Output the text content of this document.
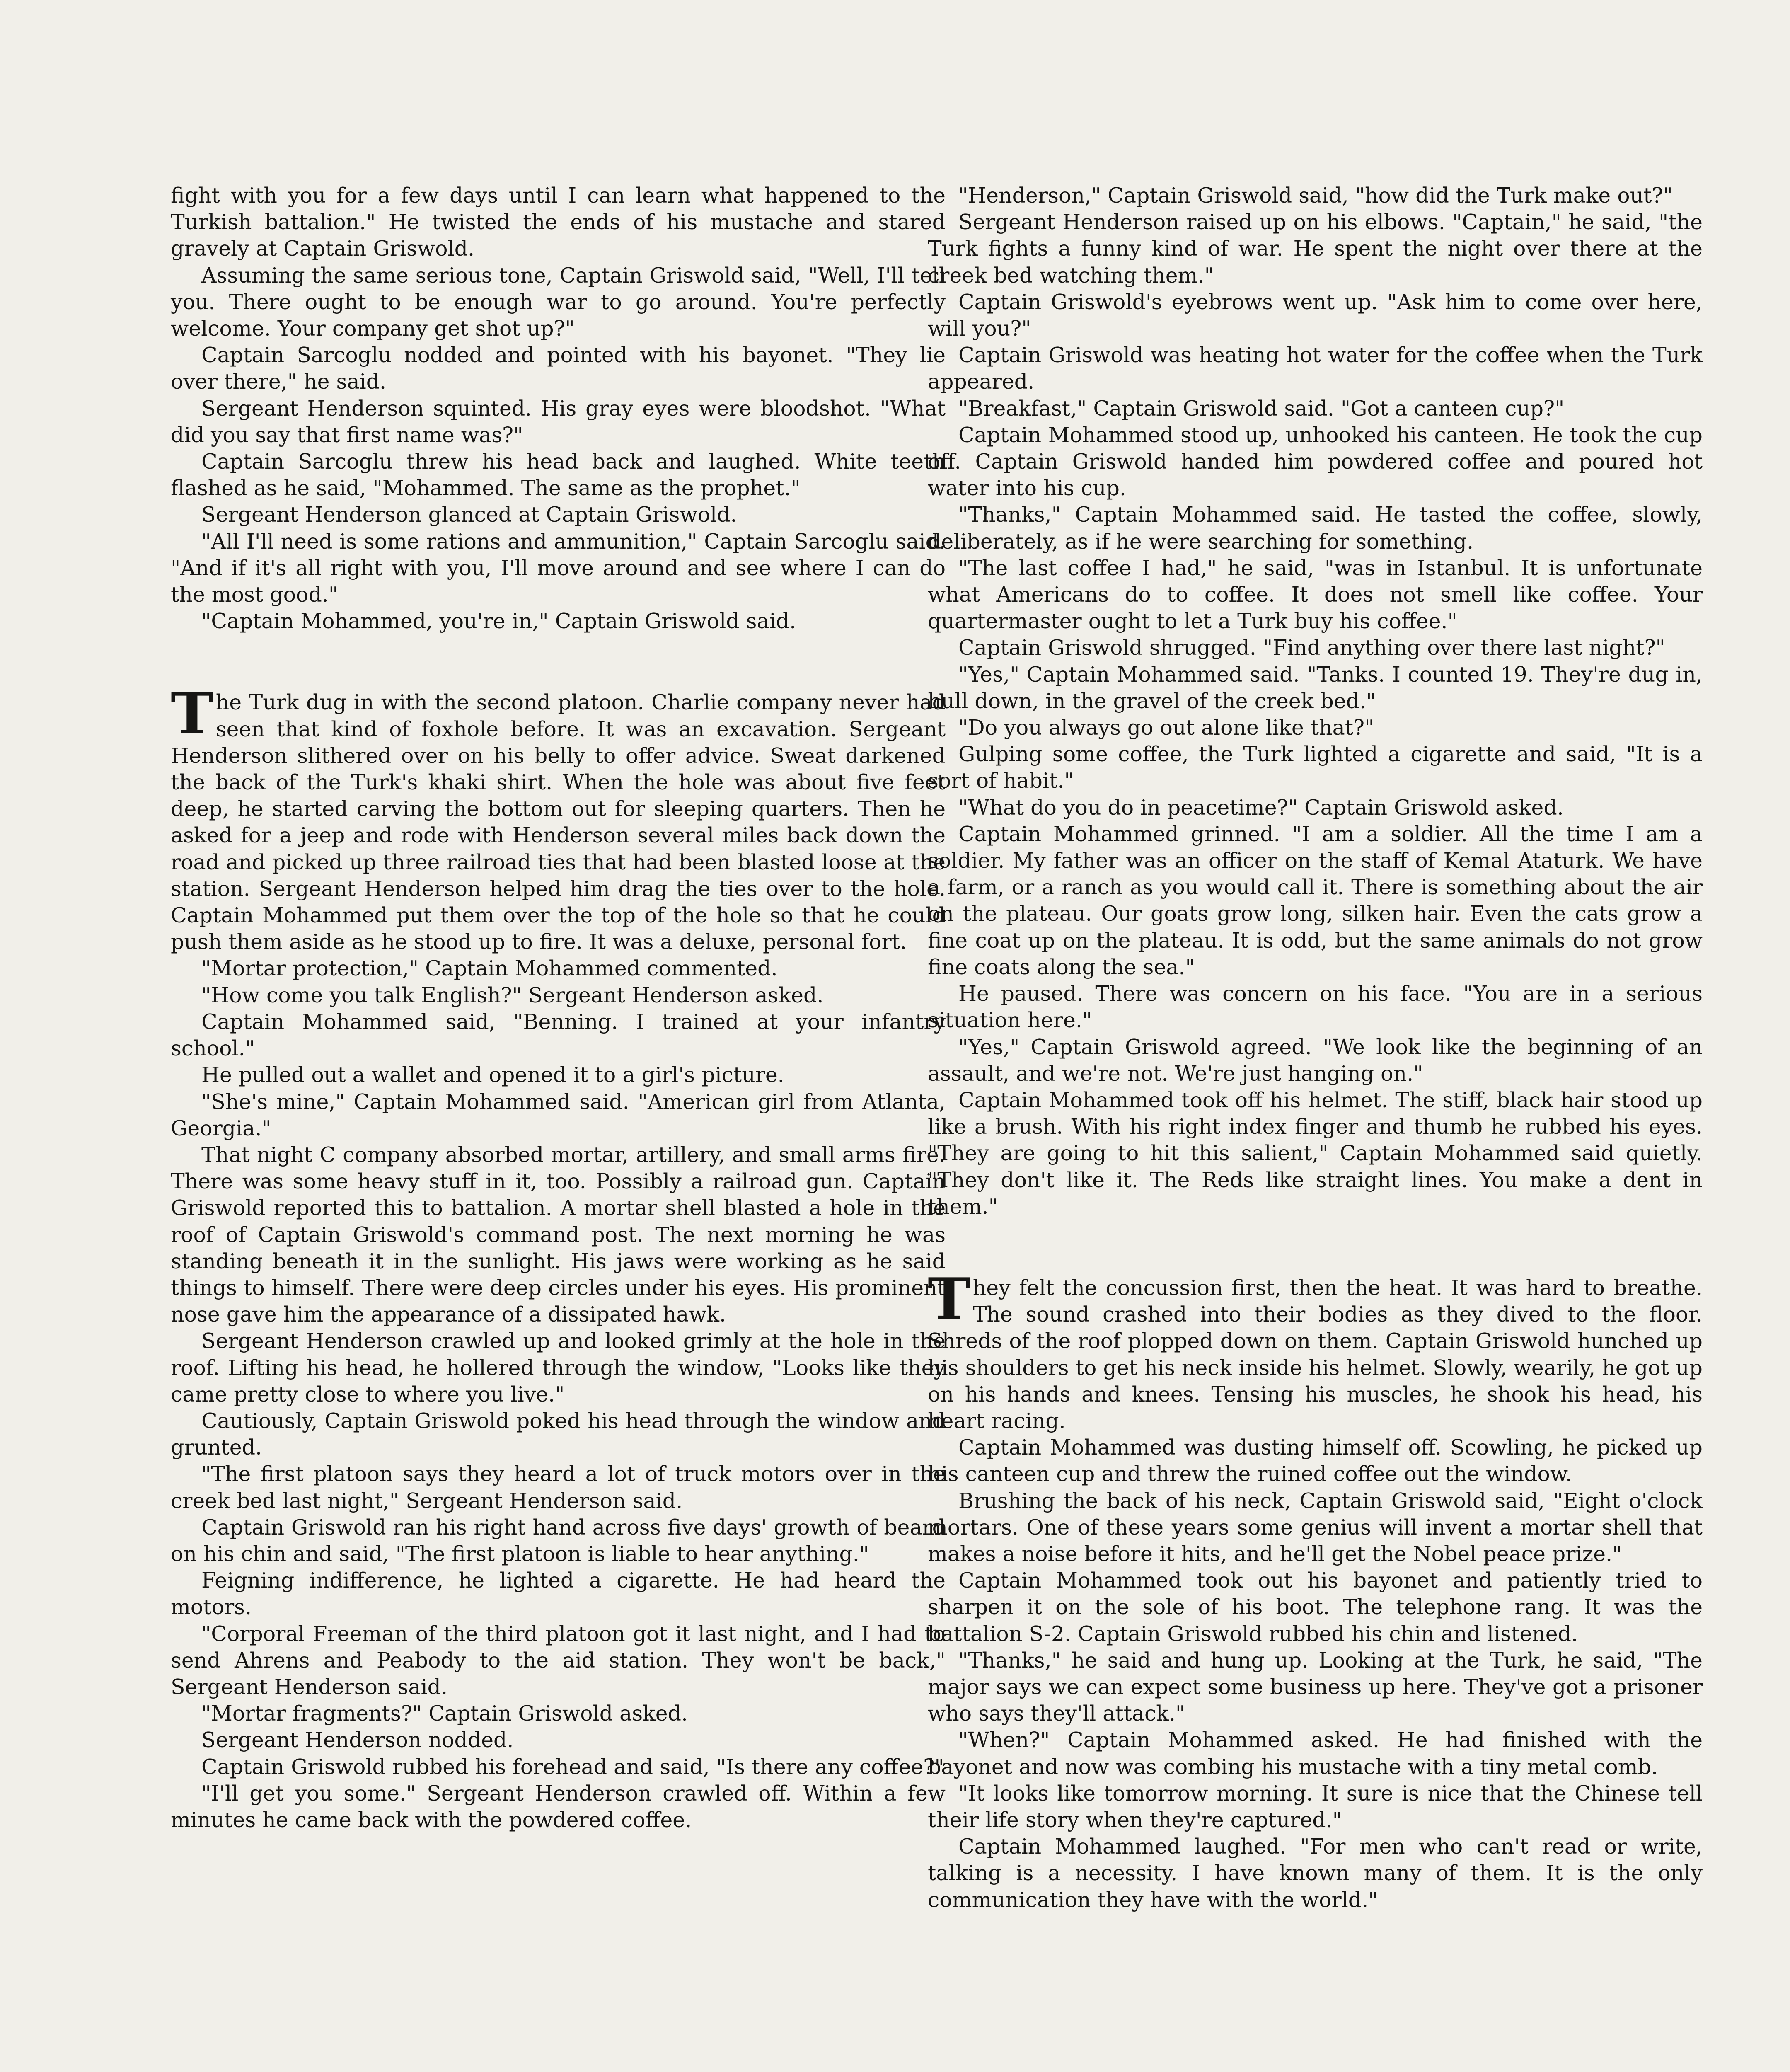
fight with you for a few days until I can learn what happened to the Turkish battalion." He twisted the ends of his mustache and stared gravely at Captain Griswold.

Assuming the same serious tone, Captain Griswold said, "Well, I'll tell you. There ought to be enough war to go around. You're perfectly welcome. Your company get shot up?"

Captain Sarcoglu nodded and pointed with his bayonet. "They lie over there," he said.

Sergeant Henderson squinted. His gray eyes were bloodshot. "What did you say that first name was?"

Captain Sarcoglu threw his head back and laughed. White teeth flashed as he said, "Mohammed. The same as the prophet."

Sergeant Henderson glanced at Captain Griswold.

"All I'll need is some rations and ammunition," Captain Sarcoglu said. "And if it's all right with you, I'll move around and see where I can do the most good."

"Captain Mohammed, you're in," Captain Griswold said.

The Turk dug in with the second platoon. Charlie company never had seen that kind of foxhole before. It was an excavation. Sergeant Henderson slithered over on his belly to offer advice. Sweat darkened the back of the Turk's khaki shirt. When the hole was about five feet deep, he started carving the bottom out for sleeping quarters. Then he asked for a jeep and rode with Henderson several miles back down the road and picked up three railroad ties that had been blasted loose at the station. Sergeant Henderson helped him drag the ties over to the hole. Captain Mohammed put them over the top of the hole so that he could push them aside as he stood up to fire. It was a deluxe, personal fort.

"Mortar protection," Captain Mohammed commented.

"How come you talk English?" Sergeant Henderson asked.

Captain Mohammed said, "Benning. I trained at your infantry school."

He pulled out a wallet and opened it to a girl's picture.

"She's mine," Captain Mohammed said. "American girl from Atlanta, Georgia."

That night C company absorbed mortar, artillery, and small arms fire. There was some heavy stuff in it, too. Possibly a railroad gun. Captain Griswold reported this to battalion. A mortar shell blasted a hole in the roof of Captain Griswold's command post. The next morning he was standing beneath it in the sunlight. His jaws were working as he said things to himself. There were deep circles under his eyes. His prominent nose gave him the appearance of a dissipated hawk.

Sergeant Henderson crawled up and looked grimly at the hole in the roof. Lifting his head, he hollered through the window, "Looks like they came pretty close to where you live."

Cautiously, Captain Griswold poked his head through the window and grunted.

"The first platoon says they heard a lot of truck motors over in the creek bed last night," Sergeant Henderson said.

Captain Griswold ran his right hand across five days' growth of beard on his chin and said, "The first platoon is liable to hear anything."

Feigning indifference, he lighted a cigarette. He had heard the motors.

"Corporal Freeman of the third platoon got it last night, and I had to send Ahrens and Peabody to the aid station. They won't be back," Sergeant Henderson said.

"Mortar fragments?" Captain Griswold asked.

Sergeant Henderson nodded.

Captain Griswold rubbed his forehead and said, "Is there any coffee?"

"I'll get you some." Sergeant Henderson crawled off. Within a few minutes he came back with the powdered coffee.

"Henderson," Captain Griswold said, "how did the Turk make out?"

Sergeant Henderson raised up on his elbows. "Captain," he said, "the Turk fights a funny kind of war. He spent the night over there at the creek bed watching them."

Captain Griswold's eyebrows went up. "Ask him to come over here, will you?"

Captain Griswold was heating hot water for the coffee when the Turk appeared.

"Breakfast," Captain Griswold said. "Got a canteen cup?"

Captain Mohammed stood up, unhooked his canteen. He took the cup off. Captain Griswold handed him powdered coffee and poured hot water into his cup.

"Thanks," Captain Mohammed said. He tasted the coffee, slowly, deliberately, as if he were searching for something.

"The last coffee I had," he said, "was in Istanbul. It is unfortunate what Americans do to coffee. It does not smell like coffee. Your quartermaster ought to let a Turk buy his coffee."

Captain Griswold shrugged. "Find anything over there last night?"

"Yes," Captain Mohammed said. "Tanks. I counted 19. They're dug in, hull down, in the gravel of the creek bed."

"Do you always go out alone like that?"

Gulping some coffee, the Turk lighted a cigarette and said, "It is a sort of habit."

"What do you do in peacetime?" Captain Griswold asked.

Captain Mohammed grinned. "I am a soldier. All the time I am a soldier. My father was an officer on the staff of Kemal Ataturk. We have a farm, or a ranch as you would call it. There is something about the air on the plateau. Our goats grow long, silken hair. Even the cats grow a fine coat up on the plateau. It is odd, but the same animals do not grow fine coats along the sea."

He paused. There was concern on his face. "You are in a serious situation here."

"Yes," Captain Griswold agreed. "We look like the beginning of an assault, and we're not. We're just hanging on."

Captain Mohammed took off his helmet. The stiff, black hair stood up like a brush. With his right index finger and thumb he rubbed his eyes. "They are going to hit this salient," Captain Mohammed said quietly. "They don't like it. The Reds like straight lines. You make a dent in them."

They felt the concussion first, then the heat. It was hard to breathe. The sound crashed into their bodies as they dived to the floor. Shreds of the roof plopped down on them. Captain Griswold hunched up his shoulders to get his neck inside his helmet. Slowly, wearily, he got up on his hands and knees. Tensing his muscles, he shook his head, his heart racing.

Captain Mohammed was dusting himself off. Scowling, he picked up his canteen cup and threw the ruined coffee out the window.

Brushing the back of his neck, Captain Griswold said, "Eight o'clock mortars. One of these years some genius will invent a mortar shell that makes a noise before it hits, and he'll get the Nobel peace prize."

Captain Mohammed took out his bayonet and patiently tried to sharpen it on the sole of his boot. The telephone rang. It was the battalion S-2. Captain Griswold rubbed his chin and listened.

"Thanks," he said and hung up. Looking at the Turk, he said, "The major says we can expect some business up here. They've got a prisoner who says they'll attack."

"When?" Captain Mohammed asked. He had finished with the bayonet and now was combing his mustache with a tiny metal comb.

"It looks like tomorrow morning. It sure is nice that the Chinese tell their life story when they're captured."

Captain Mohammed laughed. "For men who can't read or write, talking is a necessity. I have known many of them. It is the only communication they have with the world."
